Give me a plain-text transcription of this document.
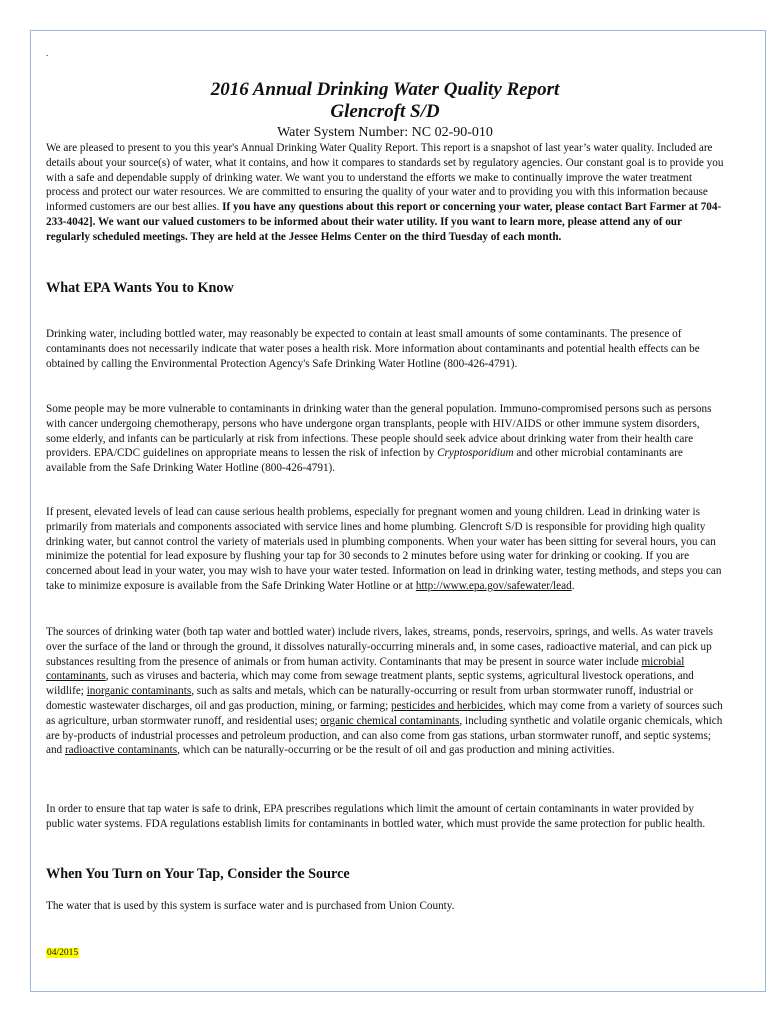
.
2016 Annual Drinking Water Quality Report
Glencroft S/D
Water System Number: NC 02-90-010

We are pleased to present to you this year's Annual Drinking Water Quality Report. This report is a snapshot of last year’s water quality. Included are details about your source(s) of water, what it contains, and how it compares to standards set by regulatory agencies. Our constant goal is to provide you with a safe and dependable supply of drinking water. We want you to understand the efforts we make to continually improve the water treatment process and protect our water resources. We are committed to ensuring the quality of your water and to providing you with this information because informed customers are our best allies. If you have any questions about this report or concerning your water, please contact Bart Farmer at 704-233-4042]. We want our valued customers to be informed about their water utility. If you want to learn more, please attend any of our regularly scheduled meetings. They are held at the Jessee Helms Center on the third Tuesday of each month.

What EPA Wants You to Know

Drinking water, including bottled water, may reasonably be expected to contain at least small amounts of some contaminants. The presence of contaminants does not necessarily indicate that water poses a health risk. More information about contaminants and potential health effects can be obtained by calling the Environmental Protection Agency's Safe Drinking Water Hotline (800-426-4791).

Some people may be more vulnerable to contaminants in drinking water than the general population. Immuno-compromised persons such as persons with cancer undergoing chemotherapy, persons who have undergone organ transplants, people with HIV/AIDS or other immune system disorders, some elderly, and infants can be particularly at risk from infections. These people should seek advice about drinking water from their health care providers. EPA/CDC guidelines on appropriate means to lessen the risk of infection by Cryptosporidium and other microbial contaminants are available from the Safe Drinking Water Hotline (800-426-4791).

If present, elevated levels of lead can cause serious health problems, especially for pregnant women and young children. Lead in drinking water is primarily from materials and components associated with service lines and home plumbing. Glencroft S/D is responsible for providing high quality drinking water, but cannot control the variety of materials used in plumbing components. When your water has been sitting for several hours, you can minimize the potential for lead exposure by flushing your tap for 30 seconds to 2 minutes before using water for drinking or cooking. If you are concerned about lead in your water, you may wish to have your water tested. Information on lead in drinking water, testing methods, and steps you can take to minimize exposure is available from the Safe Drinking Water Hotline or at http://www.epa.gov/safewater/lead.

The sources of drinking water (both tap water and bottled water) include rivers, lakes, streams, ponds, reservoirs, springs, and wells. As water travels over the surface of the land or through the ground, it dissolves naturally-occurring minerals and, in some cases, radioactive material, and can pick up substances resulting from the presence of animals or from human activity. Contaminants that may be present in source water include microbial contaminants, such as viruses and bacteria, which may come from sewage treatment plants, septic systems, agricultural livestock operations, and wildlife; inorganic contaminants, such as salts and metals, which can be naturally-occurring or result from urban stormwater runoff, industrial or domestic wastewater discharges, oil and gas production, mining, or farming; pesticides and herbicides, which may come from a variety of sources such as agriculture, urban stormwater runoff, and residential uses; organic chemical contaminants, including synthetic and volatile organic chemicals, which are by-products of industrial processes and petroleum production, and can also come from gas stations, urban stormwater runoff, and septic systems; and radioactive contaminants, which can be naturally-occurring or be the result of oil and gas production and mining activities.

In order to ensure that tap water is safe to drink, EPA prescribes regulations which limit the amount of certain contaminants in water provided by public water systems. FDA regulations establish limits for contaminants in bottled water, which must provide the same protection for public health.

When You Turn on Your Tap, Consider the Source

The water that is used by this system is surface water and is purchased from Union County.

04/2015
